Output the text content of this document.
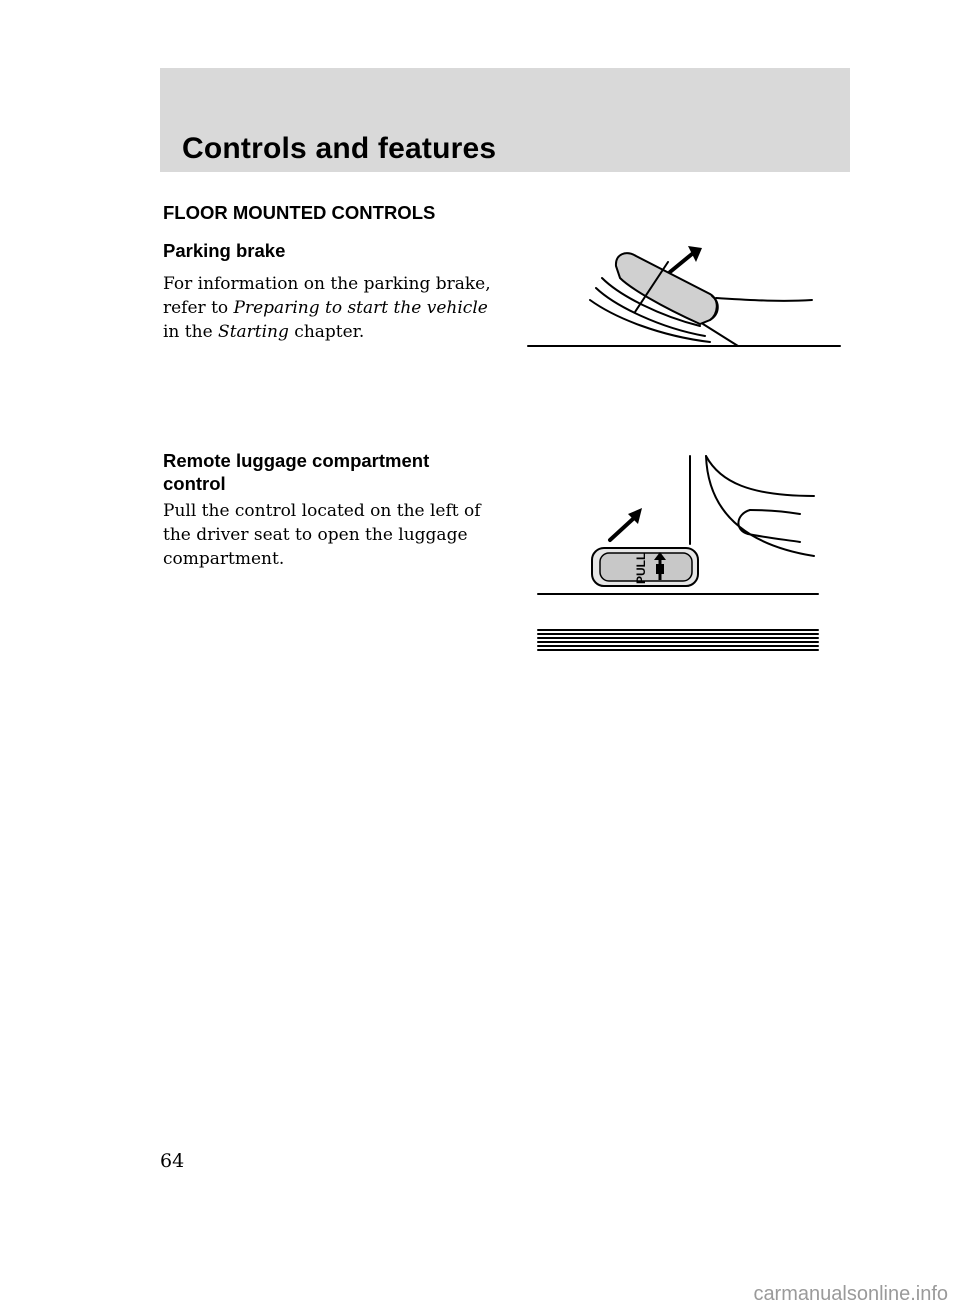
Controls and features
FLOOR MOUNTED CONTROLS
Parking brake

For information on the parking brake, refer to Preparing to start the vehicle in the Starting chapter.

Remote luggage compartment control

Pull the control located on the left of the driver seat to open the luggage compartment.	PULL

64

carmanualsonline.info
